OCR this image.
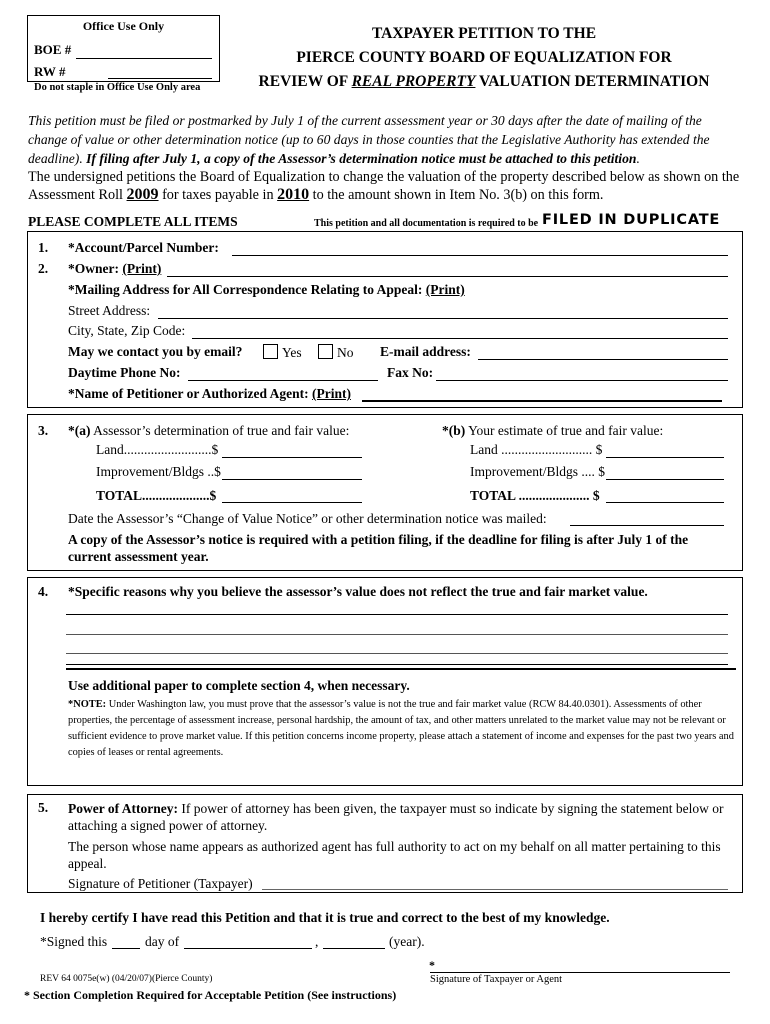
Office Use Only
BOE #
RW #
Do not staple in Office Use Only area
TAXPAYER PETITION TO THE
PIERCE COUNTY BOARD OF EQUALIZATION FOR
REVIEW OF REAL PROPERTY VALUATION DETERMINATION
This petition must be filed or postmarked by July 1 of the current assessment year or 30 days after the date of mailing of the change of value or other determination notice (up to 60 days in those counties that the Legislative Authority has extended the deadline). If filing after July 1, a copy of the Assessor’s determination notice must be attached to this petition.
The undersigned petitions the Board of Equalization to change the valuation of the property described below as shown on the Assessment Roll 2009 for taxes payable in 2010 to the amount shown in Item No. 3(b) on this form.
PLEASE COMPLETE ALL ITEMS	This petition and all documentation is required to be FILED IN DUPLICATE
1. *Account/Parcel Number:
2. *Owner: (Print)
*Mailing Address for All Correspondence Relating to Appeal: (Print)
Street Address:
City, State, Zip Code:
May we contact you by email?	Yes	No E-mail address:
Daytime Phone No:	Fax No:
*Name of Petitioner or Authorized Agent: (Print)
3. *(a) Assessor’s determination of true and fair value:	*(b) Your estimate of true and fair value:
Land..........................$	Land ........................... $
Improvement/Bldgs ..$	Improvement/Bldgs .... $
TOTAL....................$	TOTAL ..................... $
Date the Assessor’s “Change of Value Notice” or other determination notice was mailed:
A copy of the Assessor’s notice is required with a petition filing, if the deadline for filing is after July 1 of the current assessment year.
4. *Specific reasons why you believe the assessor’s value does not reflect the true and fair market value.
Use additional paper to complete section 4, when necessary.
*NOTE: Under Washington law, you must prove that the assessor’s value is not the true and fair market value (RCW 84.40.0301). Assessments of other properties, the percentage of assessment increase, personal hardship, the amount of tax, and other matters unrelated to the market value may not be relevant or sufficient evidence to prove market value. If this petition concerns income property, please attach a statement of income and expenses for the past two years and copies of leases or rental agreements.
5. Power of Attorney: If power of attorney has been given, the taxpayer must so indicate by signing the statement below or attaching a signed power of attorney.
The person whose name appears as authorized agent has full authority to act on my behalf on all matter pertaining to this appeal.
Signature of Petitioner (Taxpayer)
I hereby certify I have read this Petition and that it is true and correct to the best of my knowledge.
*Signed this	day of	,	(year).
*
Signature of Taxpayer or Agent
REV 64 0075e(w) (04/20/07)(Pierce County)
* Section Completion Required for Acceptable Petition (See instructions)
